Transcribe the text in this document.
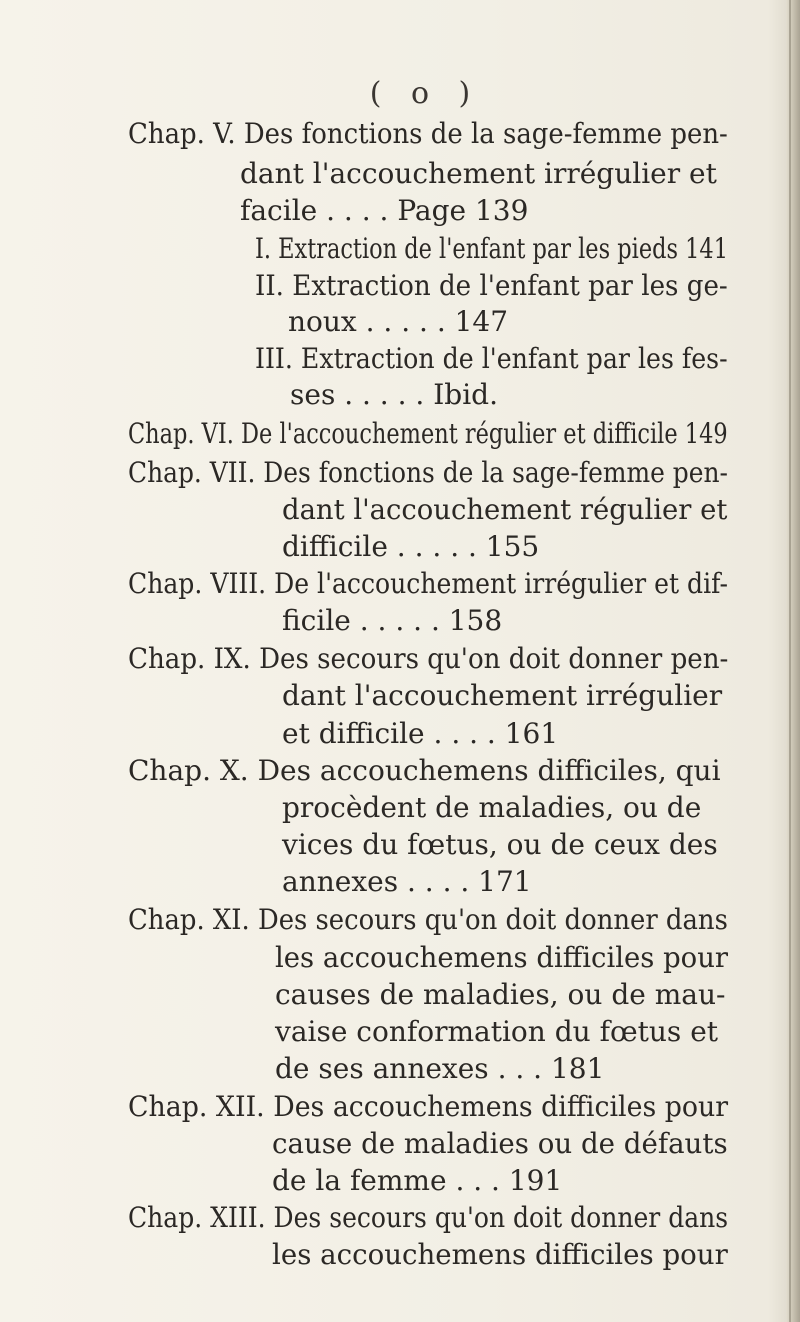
( o )
Chap. V. Des fonctions de la sage-femme pen-
dant l'accouchement irrégulier et
facile . . . . Page 139
I. Extraction de l'enfant par les pieds 141
II. Extraction de l'enfant par les ge-
noux . . . . . 147
III. Extraction de l'enfant par les fes-
ses . . . . . Ibid.
Chap. VI. De l'accouchement régulier et difficile 149
Chap. VII. Des fonctions de la sage-femme pen-
dant l'accouchement régulier et
difficile . . . . . 155
Chap. VIII. De l'accouchement irrégulier et dif-
ficile . . . . . 158
Chap. IX. Des secours qu'on doit donner pen-
dant l'accouchement irrégulier
et difficile . . . . 161
Chap. X. Des accouchemens difficiles, qui
procèdent de maladies, ou de
vices du fœtus, ou de ceux des
annexes . . . . 171
Chap. XI. Des secours qu'on doit donner dans
les accouchemens difficiles pour
causes de maladies, ou de mau-
vaise conformation du fœtus et
de ses annexes . . . 181
Chap. XII. Des accouchemens difficiles pour
cause de maladies ou de défauts
de la femme . . . 191
Chap. XIII. Des secours qu'on doit donner dans
les accouchemens difficiles pour
